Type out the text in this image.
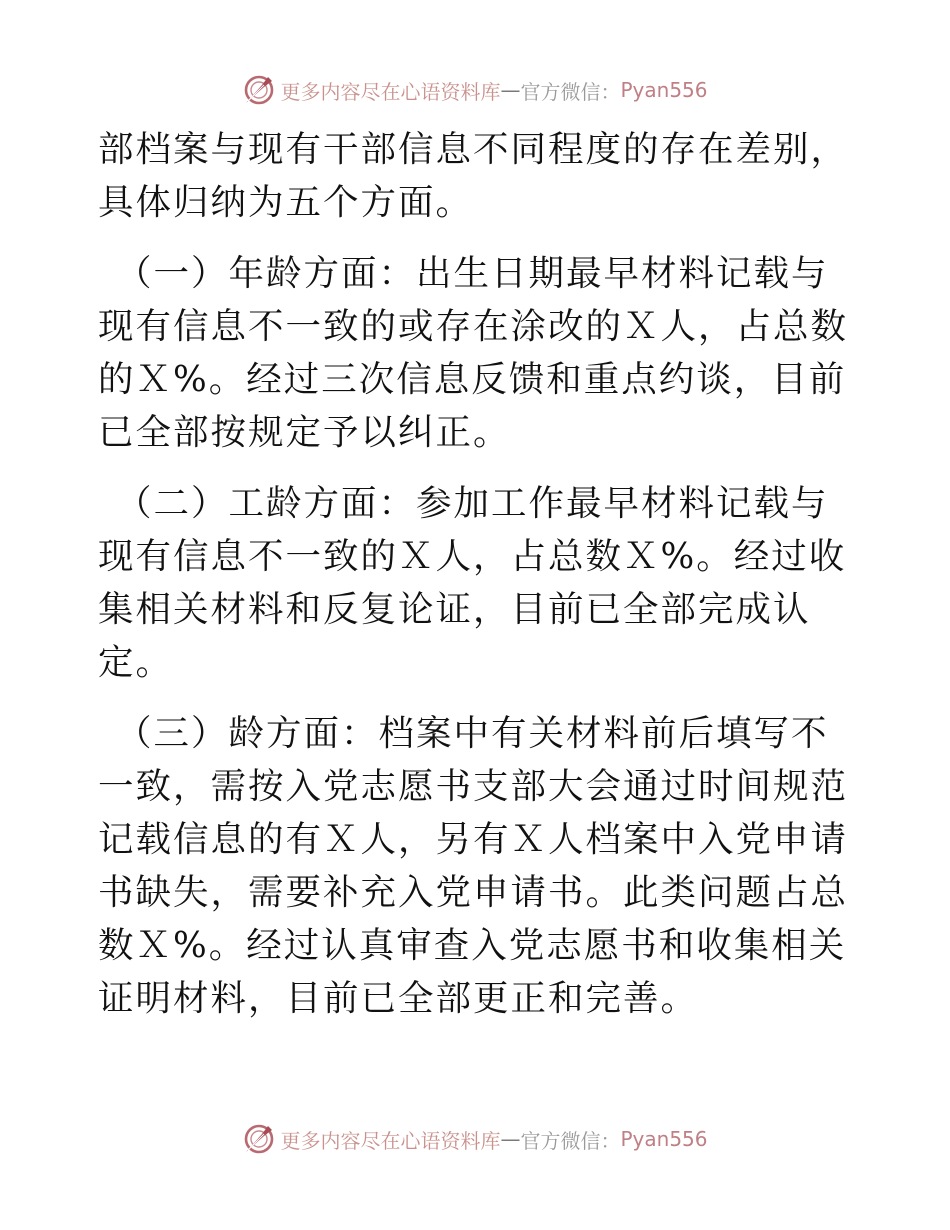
更多内容尽在心语资料库 — 官方微信： Pyan556

部档案与现有干部信息不同程度的存在差别，具体归纳为五个方面。

（一）年龄方面：出生日期最早材料记载与现有信息不一致的或存在涂改的Ｘ人，占总数的Ｘ%。经过三次信息反馈和重点约谈，目前已全部按规定予以纠正。

（二）工龄方面：参加工作最早材料记载与现有信息不一致的Ｘ人，占总数Ｘ%。经过收集相关材料和反复论证，目前已全部完成认定。

（三）龄方面：档案中有关材料前后填写不一致，需按入党志愿书支部大会通过时间规范记载信息的有Ｘ人，另有Ｘ人档案中入党申请书缺失，需要补充入党申请书。此类问题占总数Ｘ%。经过认真审查入党志愿书和收集相关证明材料，目前已全部更正和完善。

更多内容尽在心语资料库 — 官方微信： Pyan556
